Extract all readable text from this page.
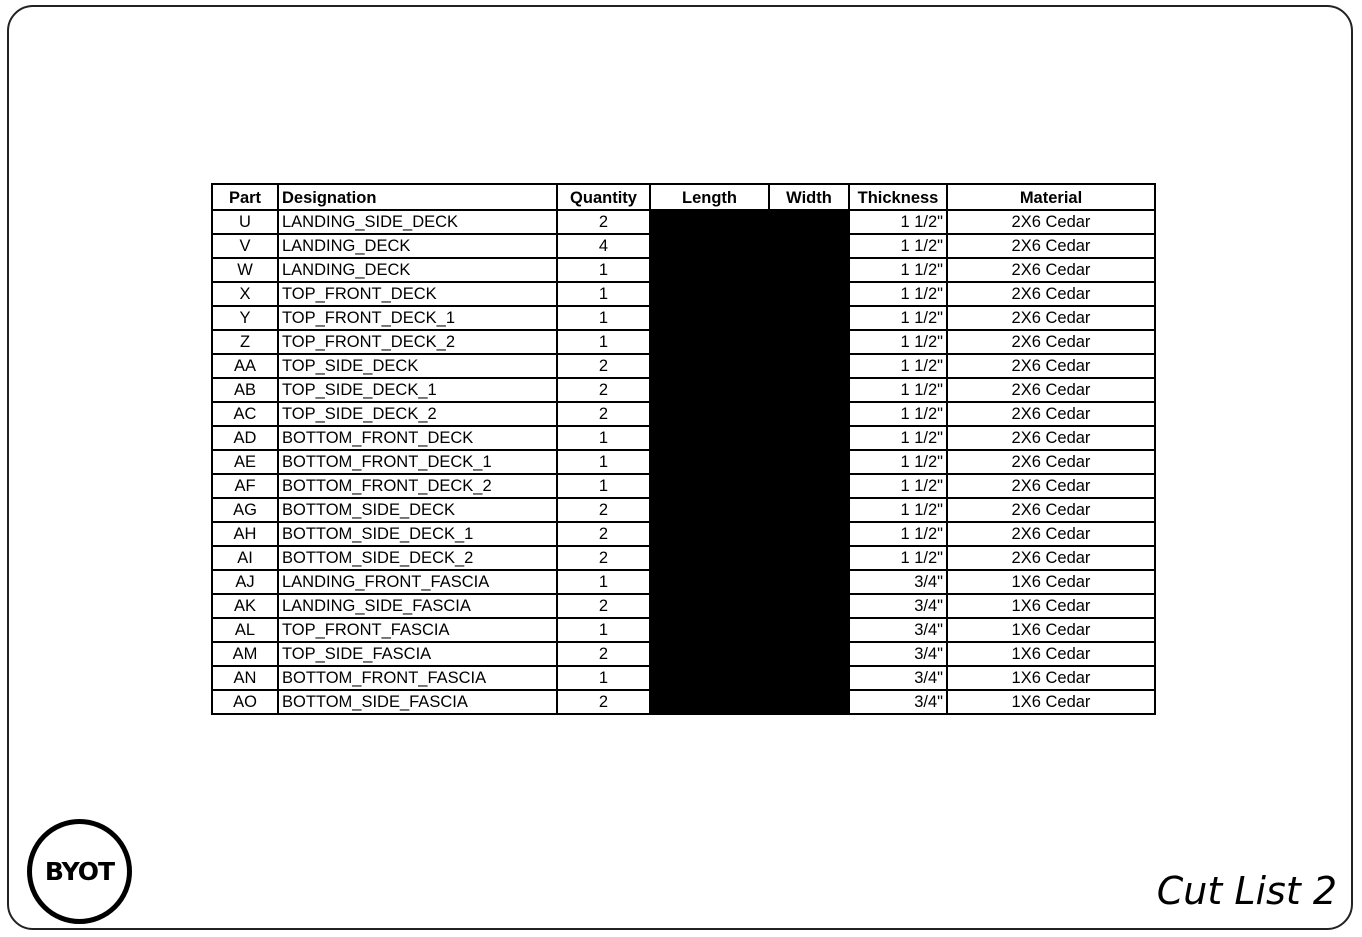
Part	Designation	Quantity	Length	Width	Thickness	Material
U	LANDING_SIDE_DECK	2			1 1/2"	2X6 Cedar
V	LANDING_DECK	4			1 1/2"	2X6 Cedar
W	LANDING_DECK	1			1 1/2"	2X6 Cedar
X	TOP_FRONT_DECK	1			1 1/2"	2X6 Cedar
Y	TOP_FRONT_DECK_1	1			1 1/2"	2X6 Cedar
Z	TOP_FRONT_DECK_2	1			1 1/2"	2X6 Cedar
AA	TOP_SIDE_DECK	2			1 1/2"	2X6 Cedar
AB	TOP_SIDE_DECK_1	2			1 1/2"	2X6 Cedar
AC	TOP_SIDE_DECK_2	2			1 1/2"	2X6 Cedar
AD	BOTTOM_FRONT_DECK	1			1 1/2"	2X6 Cedar
AE	BOTTOM_FRONT_DECK_1	1			1 1/2"	2X6 Cedar
AF	BOTTOM_FRONT_DECK_2	1			1 1/2"	2X6 Cedar
AG	BOTTOM_SIDE_DECK	2			1 1/2"	2X6 Cedar
AH	BOTTOM_SIDE_DECK_1	2			1 1/2"	2X6 Cedar
AI	BOTTOM_SIDE_DECK_2	2			1 1/2"	2X6 Cedar
AJ	LANDING_FRONT_FASCIA	1			3/4"	1X6 Cedar
AK	LANDING_SIDE_FASCIA	2			3/4"	1X6 Cedar
AL	TOP_FRONT_FASCIA	1			3/4"	1X6 Cedar
AM	TOP_SIDE_FASCIA	2			3/4"	1X6 Cedar
AN	BOTTOM_FRONT_FASCIA	1			3/4"	1X6 Cedar
AO	BOTTOM_SIDE_FASCIA	2			3/4"	1X6 Cedar
BYOT	Cut List 2
